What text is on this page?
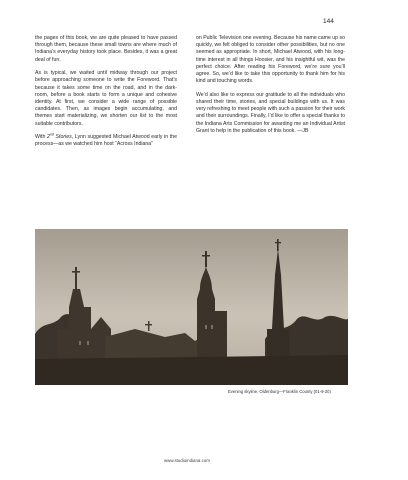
144

the pages of this book, we are quite pleased to have passed through them, because these small towns are where much of Indiana’s everyday history took place. Besides, it was a great deal of fun.

As is typical, we waited until midway through our project before approaching someone to write the Foreword. That’s because it takes some time on the road, and in the dark-room, before a book starts to form a unique and cohesive identity. At first, we consider a wide range of possible candidates. Then, as images begin accumulating, and themes start materializing, we shorten our list to the most suitable contributors.

With 2nd Stories, Lynn suggested Michael Atwood early in the process—as we watched him host “Across Indiana”

on Public Television one evening. Because his name came up so quickly, we felt obliged to consider other possibilities, but no one seemed as appropriate. In short, Michael Atwood, with his long-time interest in all things Hoosier, and his insightful wit, was the perfect choice. After reading his Foreword, we’re sure you’ll agree. So, we’d like to take this opportunity to thank him for his kind and touching words.

We’d also like to express our gratitude to all the individuals who shared their time, stories, and special buildings with us. It was very refreshing to meet people with such a passion for their work and their surroundings. Finally, I’d like to offer a special thanks to the Indiana Arts Commission for awarding me an Individual Artist Grant to help in the publication of this book. —JB

Evening skyline, Oldenburg—Franklin County (01-9-20)
www.studioindiana.com
